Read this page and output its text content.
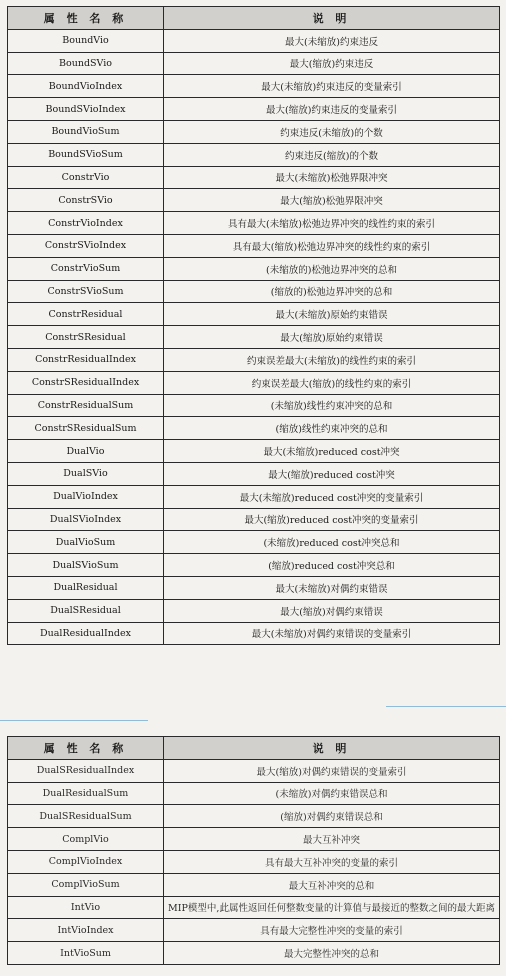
属 性 名 称	说 明
BoundVio	最大(未缩放)约束违反
BoundSVio	最大(缩放)约束违反
BoundVioIndex	最大(未缩放)约束违反的变量索引
BoundSVioIndex	最大(缩放)约束违反的变量索引
BoundVioSum	约束违反(未缩放)的个数
BoundSVioSum	约束违反(缩放)的个数
ConstrVio	最大(未缩放)松弛界限冲突
ConstrSVio	最大(缩放)松弛界限冲突
ConstrVioIndex	具有最大(未缩放)松弛边界冲突的线性约束的索引
ConstrSVioIndex	具有最大(缩放)松弛边界冲突的线性约束的索引
ConstrVioSum	(未缩放的)松弛边界冲突的总和
ConstrSVioSum	(缩放的)松弛边界冲突的总和
ConstrResidual	最大(未缩放)原始约束错误
ConstrSResidual	最大(缩放)原始约束错误
ConstrResidualIndex	约束误差最大(未缩放)的线性约束的索引
ConstrSResidualIndex	约束误差最大(缩放)的线性约束的索引
ConstrResidualSum	(未缩放)线性约束冲突的总和
ConstrSResidualSum	(缩放)线性约束冲突的总和
DualVio	最大(未缩放)reduced cost冲突
DualSVio	最大(缩放)reduced cost冲突
DualVioIndex	最大(未缩放)reduced cost冲突的变量索引
DualSVioIndex	最大(缩放)reduced cost冲突的变量索引
DualVioSum	(未缩放)reduced cost冲突总和
DualSVioSum	(缩放)reduced cost冲突总和
DualResidual	最大(未缩放)对偶约束错误
DualSResidual	最大(缩放)对偶约束错误
DualResidualIndex	最大(未缩放)对偶约束错误的变量索引
属 性 名 称	说 明
DualSResidualIndex	最大(缩放)对偶约束错误的变量索引
DualResidualSum	(未缩放)对偶约束错误总和
DualSResidualSum	(缩放)对偶约束错误总和
ComplVio	最大互补冲突
ComplVioIndex	具有最大互补冲突的变量的索引
ComplVioSum	最大互补冲突的总和
IntVio	MIP模型中,此属性返回任何整数变量的计算值与最接近的整数之间的最大距离
IntVioIndex	具有最大完整性冲突的变量的索引
IntVioSum	最大完整性冲突的总和
